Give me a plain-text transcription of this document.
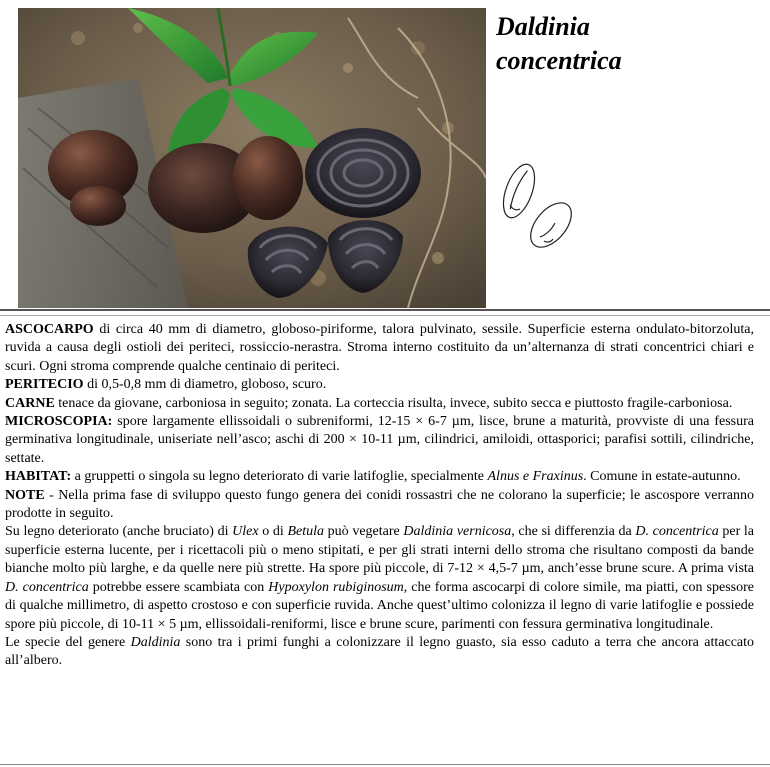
Daldinia
concentrica

ASCOCARPO di circa 40 mm di diametro, globoso-piriforme, talora pulvinato, sessile. Superficie esterna ondulato-bitorzoluta, ruvida a causa degli ostioli dei periteci, rossiccio-nerastra. Stroma interno costituito da un’alternanza di strati concentrici chiari e scuri. Ogni stroma comprende qualche centinaio di periteci.

PERITECIO di 0,5-0,8 mm di diametro, globoso, scuro.

CARNE tenace da giovane, carboniosa in seguito; zonata. La corteccia risulta, invece, subito secca e piuttosto fragile-carboniosa.

MICROSCOPIA: spore largamente ellissoidali o subreniformi, 12-15 × 6-7 µm, lisce, brune a maturità, provviste di una fessura germinativa longitudinale, uniseriate nell’asco; aschi di 200 × 10-11 µm, cilindrici, amiloidi, ottasporici; parafisi sottili, cilindriche, settate.

HABITAT: a gruppetti o singola su legno deteriorato di varie latifoglie, specialmente Alnus e Fraxinus. Comune in estate-autunno.

NOTE - Nella prima fase di sviluppo questo fungo genera dei conidi rossastri che ne colorano la superficie; le ascospore verranno prodotte in seguito.

Su legno deteriorato (anche bruciato) di Ulex o di Betula può vegetare Daldinia vernicosa, che si differenzia da D. concentrica per la superficie esterna lucente, per i ricettacoli più o meno stipitati, e per gli strati interni dello stroma che risultano composti da bande bianche molto più larghe, e da quelle nere più strette. Ha spore più piccole, di 7-12 × 4,5-7 µm, anch’esse brune scure. A prima vista D. concentrica potrebbe essere scambiata con Hypoxylon rubiginosum, che forma ascocarpi di colore simile, ma piatti, con spessore di qualche millimetro, di aspetto crostoso e con superficie ruvida. Anche quest’ultimo colonizza il legno di varie latifoglie e possiede spore più piccole, di 10-11 × 5 µm, ellissoidali-reniformi, lisce e brune scure, parimenti con fessura germinativa longitudinale.

Le specie del genere Daldinia sono tra i primi funghi a colonizzare il legno guasto, sia esso caduto a terra che ancora attaccato all’albero.
